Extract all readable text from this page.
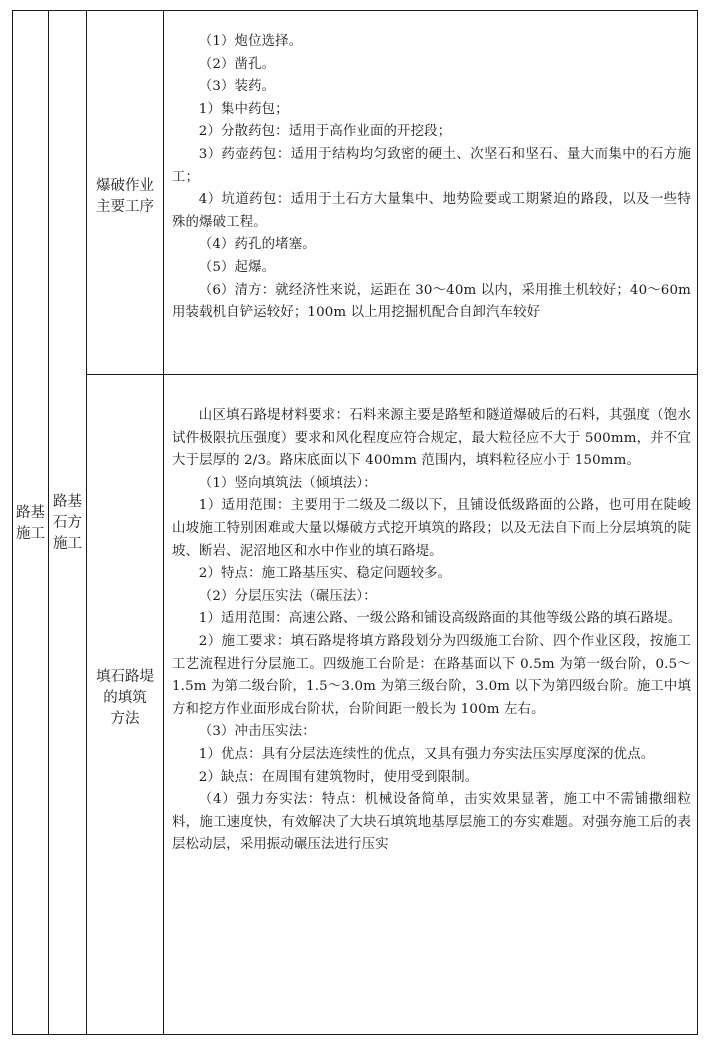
路基
施工
路基
石方
施工
爆破作业
主要工序
填石路堤
的填筑
方法

（1）炮位选择。

（2）凿孔。

（3）装药。

1）集中药包；

2）分散药包：适用于高作业面的开挖段；

3）药壶药包：适用于结构均匀致密的硬土、次坚石和坚石、量大而集中的石方施工；

4）坑道药包：适用于土石方大量集中、地势险要或工期紧迫的路段，以及一些特殊的爆破工程。

（4）药孔的堵塞。

（5）起爆。

（6）清方：就经济性来说，运距在 30～40m 以内，采用推土机较好；40～60m 用装载机自铲运较好；100m 以上用挖掘机配合自卸汽车较好

山区填石路堤材料要求：石料来源主要是路堑和隧道爆破后的石料，其强度（饱水试件极限抗压强度）要求和风化程度应符合规定，最大粒径应不大于 500mm，并不宜大于层厚的 2/3。路床底面以下 400mm 范围内，填料粒径应小于 150mm。

（1）竖向填筑法（倾填法）：

1）适用范围：主要用于二级及二级以下，且铺设低级路面的公路，也可用在陡峻山坡施工特别困难或大量以爆破方式挖开填筑的路段；以及无法自下而上分层填筑的陡坡、断岩、泥沼地区和水中作业的填石路堤。

2）特点：施工路基压实、稳定问题较多。

（2）分层压实法（碾压法）：

1）适用范围：高速公路、一级公路和铺设高级路面的其他等级公路的填石路堤。

2）施工要求：填石路堤将填方路段划分为四级施工台阶、四个作业区段，按施工工艺流程进行分层施工。四级施工台阶是：在路基面以下 0.5m 为第一级台阶，0.5～1.5m 为第二级台阶，1.5～3.0m 为第三级台阶，3.0m 以下为第四级台阶。施工中填方和挖方作业面形成台阶状，台阶间距一般长为 100m 左右。

（3）冲击压实法：

1）优点：具有分层法连续性的优点，又具有强力夯实法压实厚度深的优点。

2）缺点：在周围有建筑物时，使用受到限制。

（4）强力夯实法：特点：机械设备简单，击实效果显著，施工中不需铺撒细粒料，施工速度快，有效解决了大块石填筑地基厚层施工的夯实难题。对强夯施工后的表层松动层，采用振动碾压法进行压实
